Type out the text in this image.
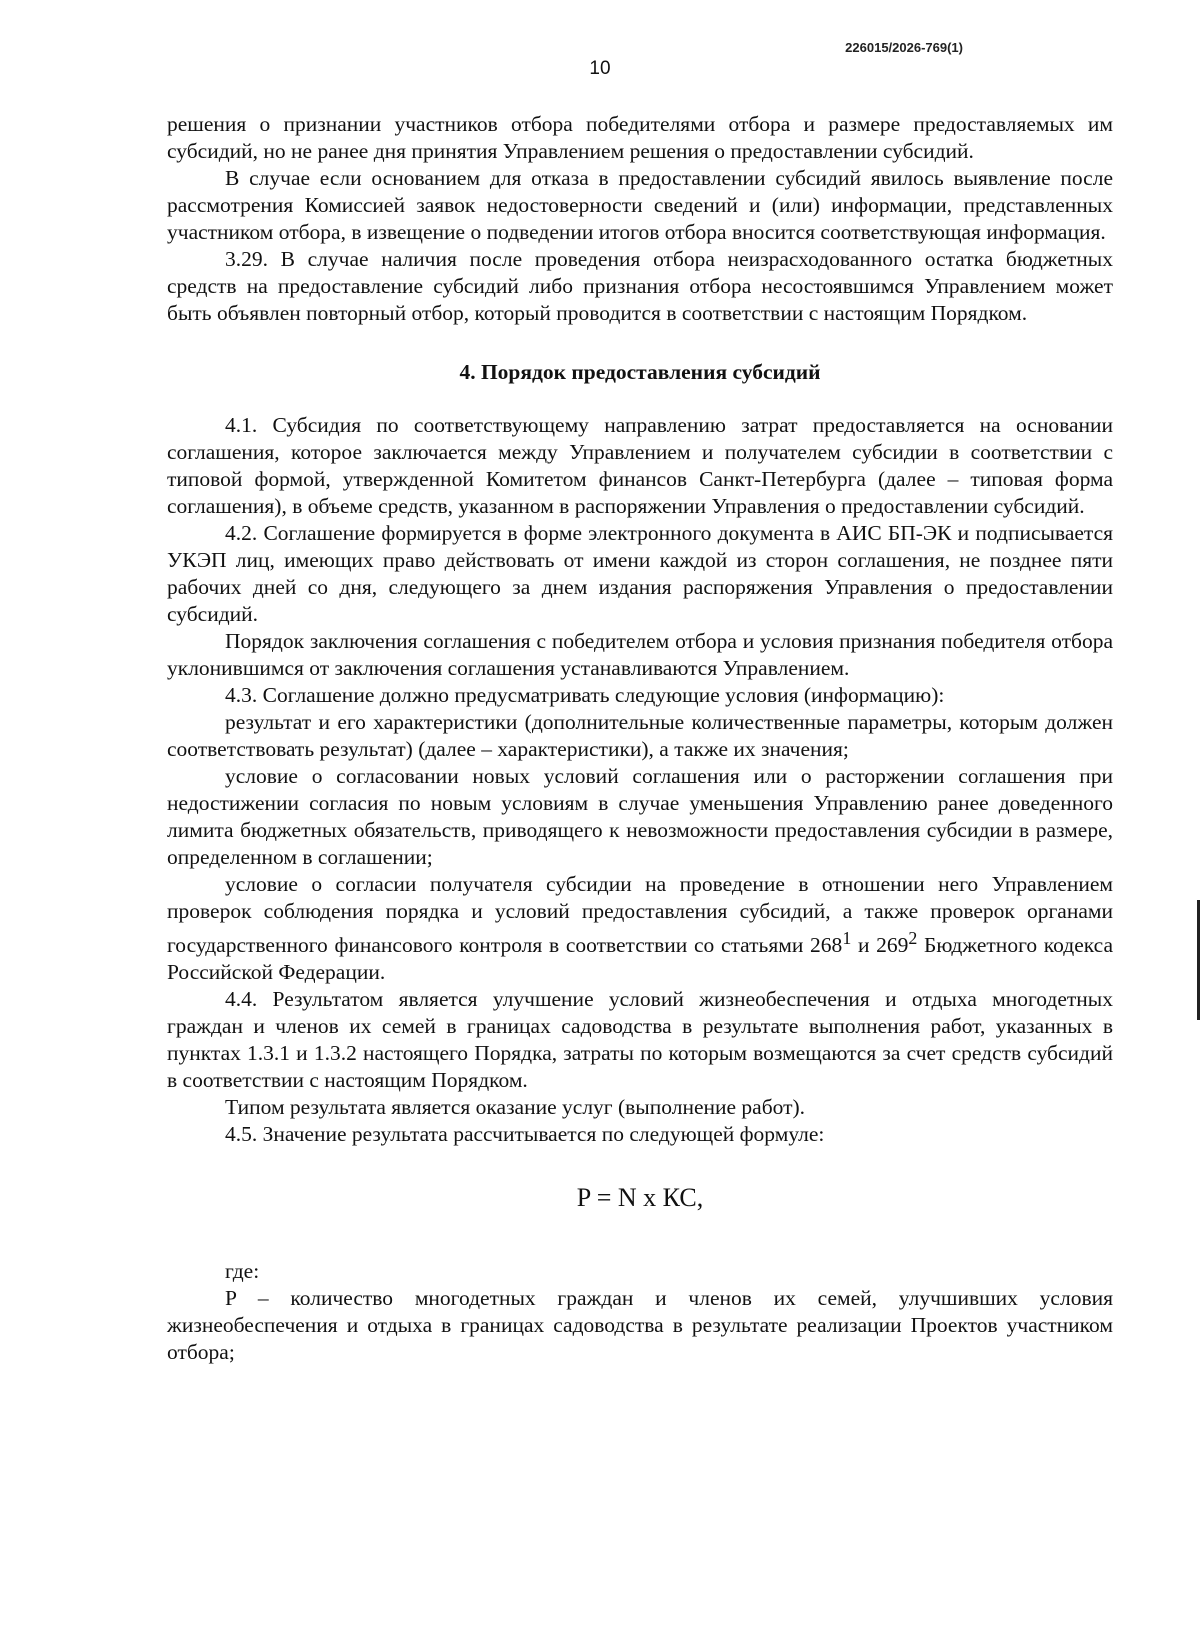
226015/2026-769(1)
10

решения о признании участников отбора победителями отбора и размере предоставляемых им субсидий, но не ранее дня принятия Управлением решения о предоставлении субсидий.

В случае если основанием для отказа в предоставлении субсидий явилось выявление после рассмотрения Комиссией заявок недостоверности сведений и (или) информации, представленных участником отбора, в извещение о подведении итогов отбора вносится соответствующая информация.

3.29. В случае наличия после проведения отбора неизрасходованного остатка бюджетных средств на предоставление субсидий либо признания отбора несостоявшимся Управлением может быть объявлен повторный отбор, который проводится в соответствии с настоящим Порядком.

4. Порядок предоставления субсидий

4.1. Субсидия по соответствующему направлению затрат предоставляется на основании соглашения, которое заключается между Управлением и получателем субсидии в соответствии с типовой формой, утвержденной Комитетом финансов Санкт-Петербурга (далее – типовая форма соглашения), в объеме средств, указанном в распоряжении Управления о предоставлении субсидий.

4.2. Соглашение формируется в форме электронного документа в АИС БП-ЭК и подписывается УКЭП лиц, имеющих право действовать от имени каждой из сторон соглашения, не позднее пяти рабочих дней со дня, следующего за днем издания распоряжения Управления о предоставлении субсидий.

Порядок заключения соглашения с победителем отбора и условия признания победителя отбора уклонившимся от заключения соглашения устанавливаются Управлением.

4.3. Соглашение должно предусматривать следующие условия (информацию):

результат и его характеристики (дополнительные количественные параметры, которым должен соответствовать результат) (далее – характеристики), а также их значения;

условие о согласовании новых условий соглашения или о расторжении соглашения при недостижении согласия по новым условиям в случае уменьшения Управлению ранее доведенного лимита бюджетных обязательств, приводящего к невозможности предоставления субсидии в размере, определенном в соглашении;

условие о согласии получателя субсидии на проведение в отношении него Управлением проверок соблюдения порядка и условий предоставления субсидий, а также проверок органами государственного финансового контроля в соответствии со статьями $268^1$ и $269^2$ Бюджетного кодекса Российской Федерации.

4.4. Результатом является улучшение условий жизнеобеспечения и отдыха многодетных граждан и членов их семей в границах садоводства в результате выполнения работ, указанных в пунктах 1.3.1 и 1.3.2 настоящего Порядка, затраты по которым возмещаются за счет средств субсидий в соответствии с настоящим Порядком.

Типом результата является оказание услуг (выполнение работ).

4.5. Значение результата рассчитывается по следующей формуле:

P = N x КС,

где:

P – количество многодетных граждан и членов их семей, улучшивших условия жизнеобеспечения и отдыха в границах садоводства в результате реализации Проектов участником отбора;
